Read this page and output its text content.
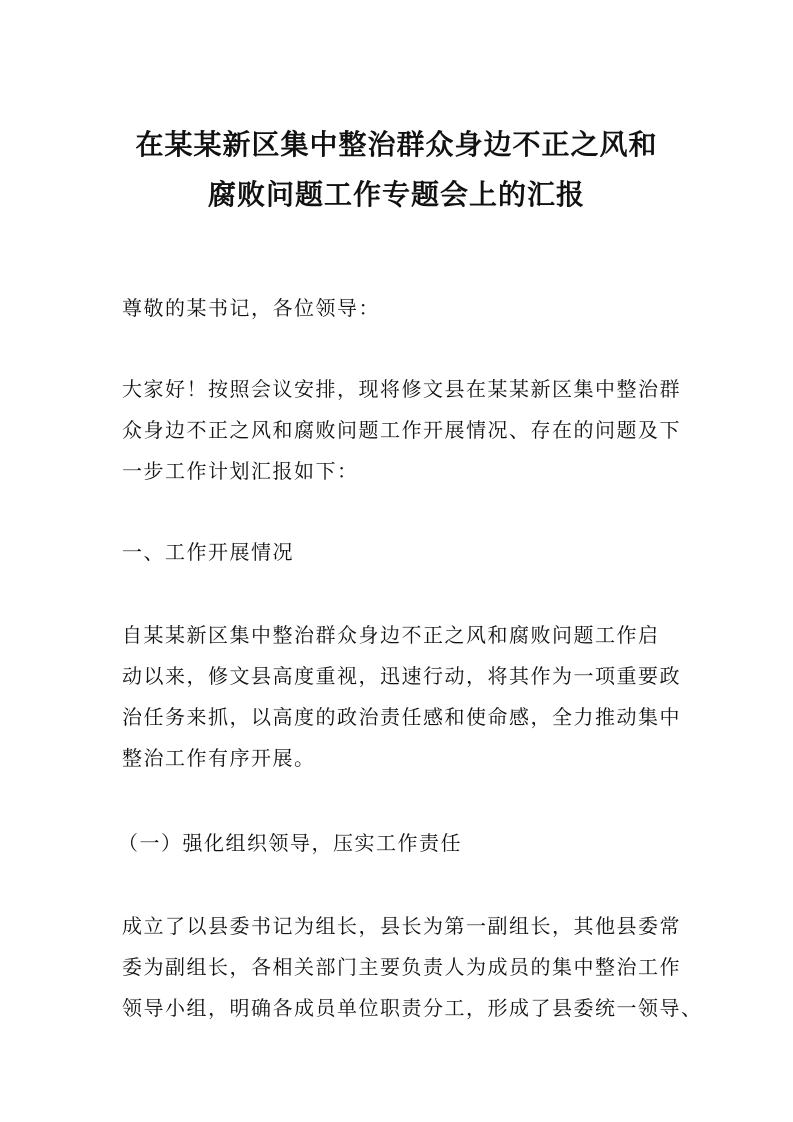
在某某新区集中整治群众身边不正之风和
腐败问题工作专题会上的汇报
尊敬的某书记，各位领导：
大家好！按照会议安排，现将修文县在某某新区集中整治群
众身边不正之风和腐败问题工作开展情况、存在的问题及下
一步工作计划汇报如下：
一、工作开展情况
自某某新区集中整治群众身边不正之风和腐败问题工作启
动以来，修文县高度重视，迅速行动，将其作为一项重要政
治任务来抓，以高度的政治责任感和使命感，全力推动集中
整治工作有序开展。
（一）强化组织领导，压实工作责任
成立了以县委书记为组长，县长为第一副组长，其他县委常
委为副组长，各相关部门主要负责人为成员的集中整治工作
领导小组，明确各成员单位职责分工，形成了县委统一领导、
